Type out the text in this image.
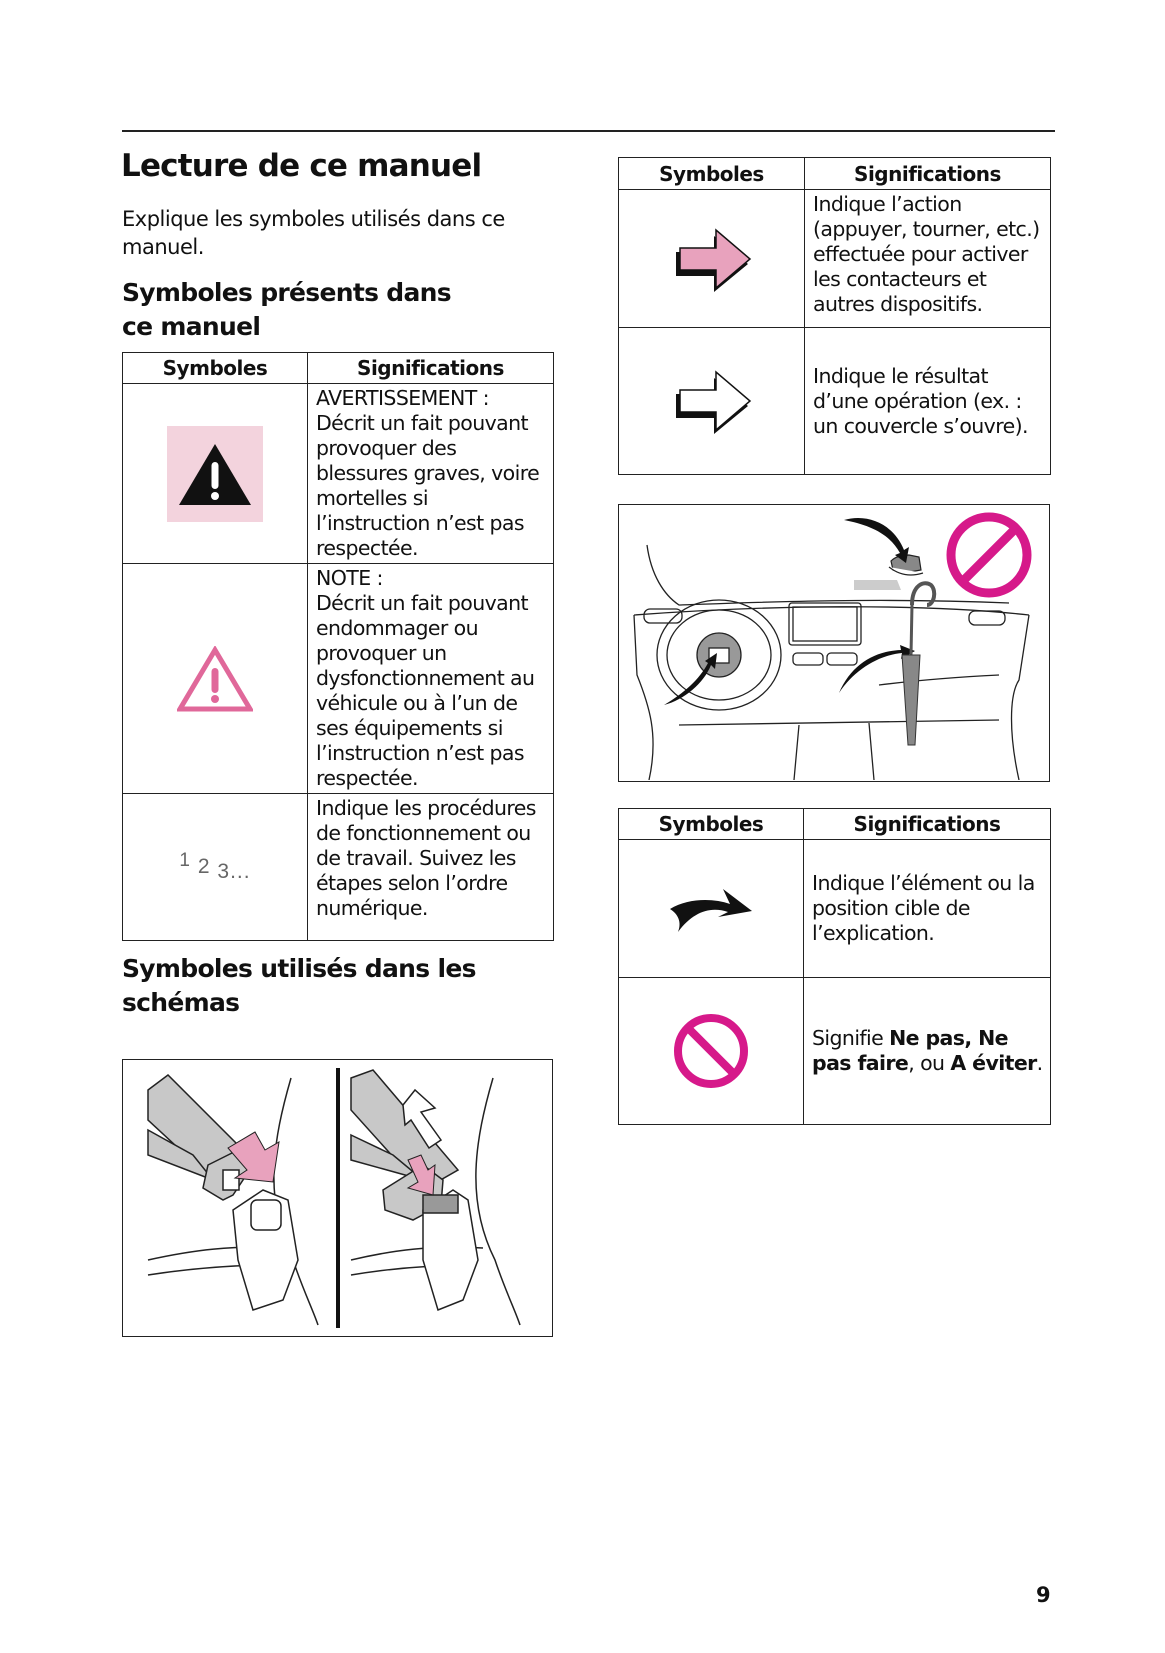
Lecture de ce manuel
Explique les symboles utilisés dans ce manuel.
Symboles présents dans ce manuel
Symboles	Significations

AVERTISSEMENT :
Décrit un fait pouvant provoquer des blessures graves, voire mortelles si l’instruction n’est pas respectée.

NOTE :
Décrit un fait pouvant endommager ou provoquer un dysfonctionnement au véhicule ou à l’un de ses équipements si l’instruction n’est pas respectée.

1 2 3...	Indique les procédures de fonctionnement ou de travail. Suivez les étapes selon l’ordre numérique.
Symboles utilisés dans les schémas
Symboles	Significations

Indique l’action (appuyer, tourner, etc.) effectuée pour activer les contacteurs et autres dispositifs.

Indique le résultat d’une opération (ex. : un couvercle s’ouvre).
Symboles	Significations

Indique l’élément ou la position cible de l’explication.

Signifie Ne pas, Ne pas faire, ou A éviter.
9
